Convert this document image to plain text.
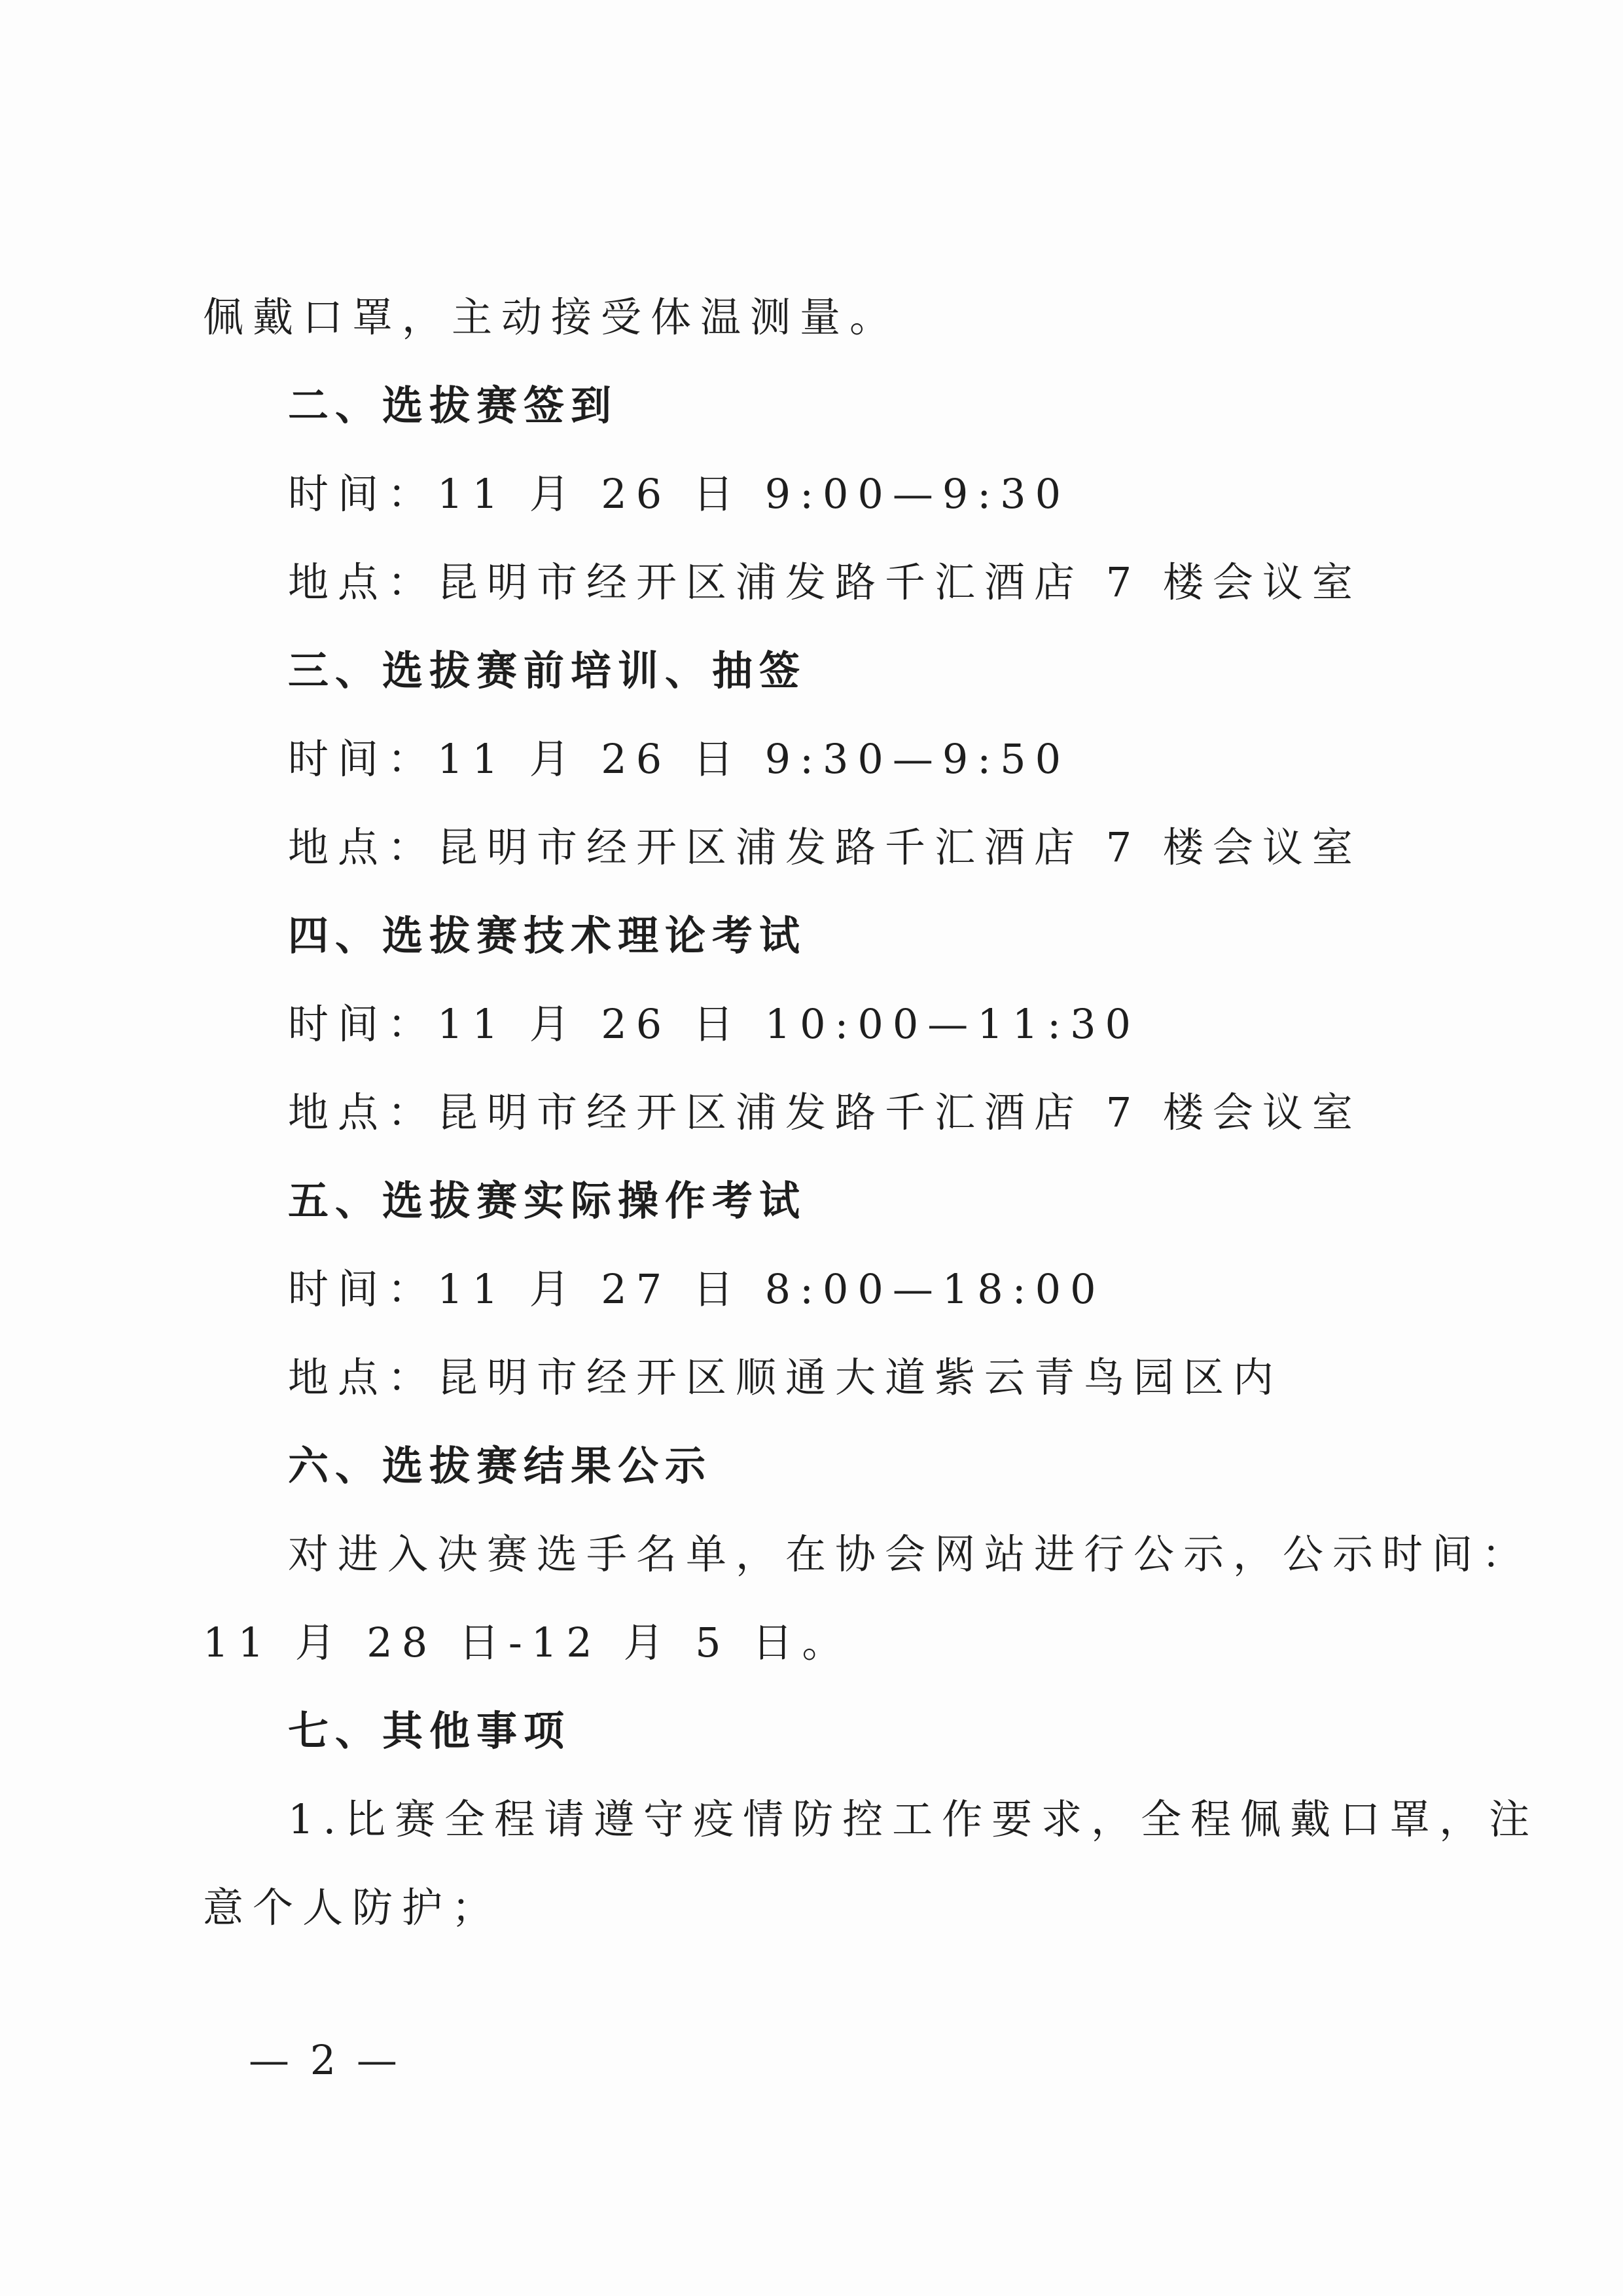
佩戴口罩，主动接受体温测量。
二、选拔赛签到
时间：11 月 26 日 9:00—9:30
地点：昆明市经开区浦发路千汇酒店 7 楼会议室
三、选拔赛前培训、抽签
时间：11 月 26 日 9:30—9:50
地点：昆明市经开区浦发路千汇酒店 7 楼会议室
四、选拔赛技术理论考试
时间：11 月 26 日 10:00—11:30
地点：昆明市经开区浦发路千汇酒店 7 楼会议室
五、选拔赛实际操作考试
时间：11 月 27 日 8:00—18:00
地点：昆明市经开区顺通大道紫云青鸟园区内
六、选拔赛结果公示
对进入决赛选手名单，在协会网站进行公示，公示时间：
11 月 28 日-12 月 5 日。
七、其他事项
1.比赛全程请遵守疫情防控工作要求，全程佩戴口罩，注
意个人防护；
— 2 —
